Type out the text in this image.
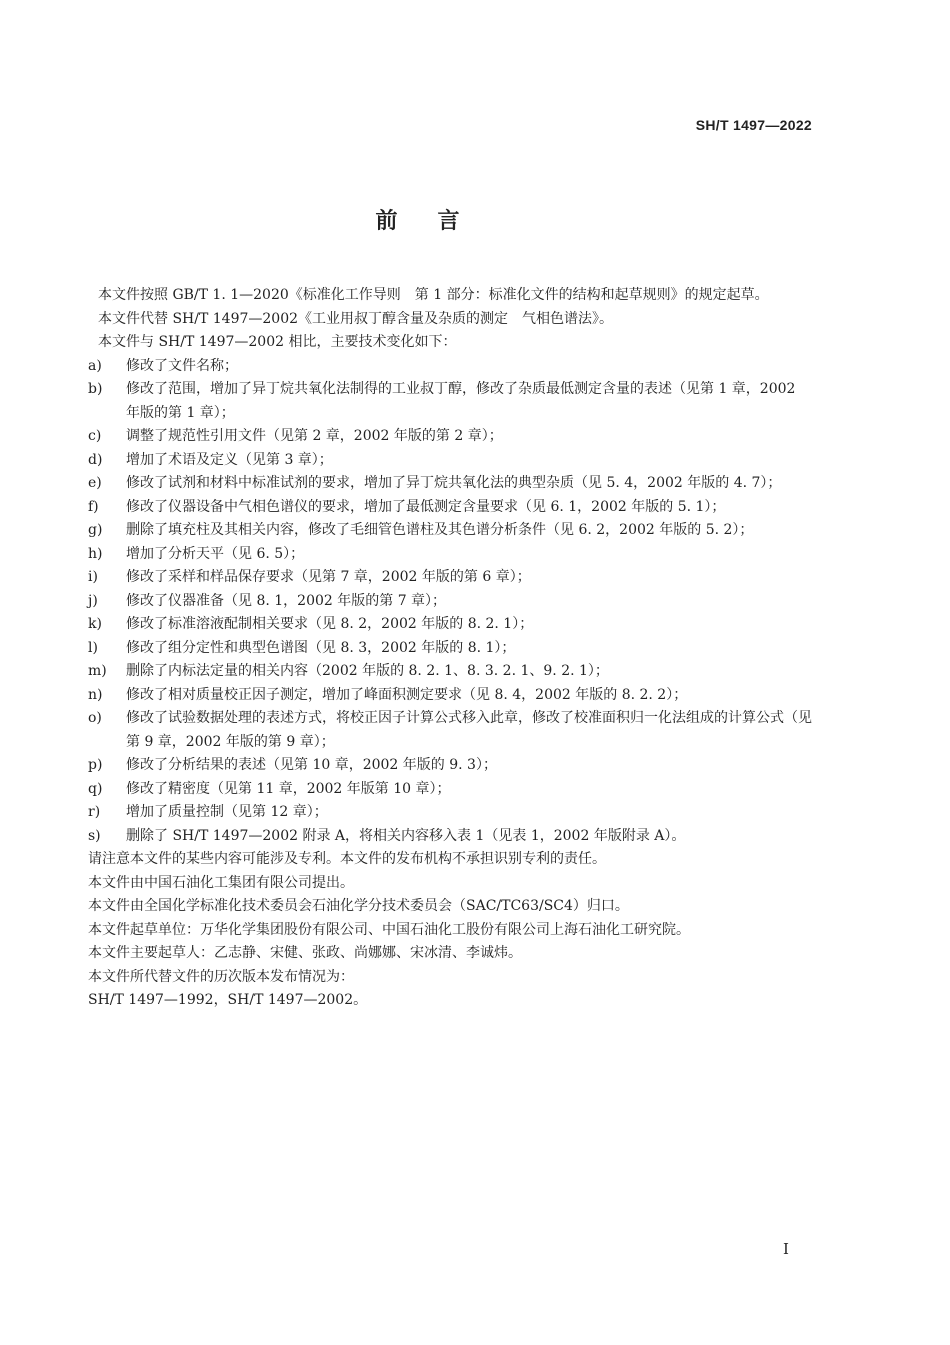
SH/T 1497—2022
前言

本文件按照 GB/T 1. 1—2020《标准化工作导则　第 1 部分：标准化文件的结构和起草规则》的规定起草。

本文件代替 SH/T 1497—2002《工业用叔丁醇含量及杂质的测定　气相色谱法》。

本文件与 SH/T 1497—2002 相比，主要技术变化如下：

a)	修改了文件名称；
b)	修改了范围，增加了异丁烷共氧化法制得的工业叔丁醇，修改了杂质最低测定含量的表述（见第 1 章，2002 年版的第 1 章）；
c)	调整了规范性引用文件（见第 2 章，2002 年版的第 2 章）；
d)	增加了术语及定义（见第 3 章）；
e)	修改了试剂和材料中标准试剂的要求，增加了异丁烷共氧化法的典型杂质（见 5. 4，2002 年版的 4. 7）；
f)	修改了仪器设备中气相色谱仪的要求，增加了最低测定含量要求（见 6. 1，2002 年版的 5. 1）；
g)	删除了填充柱及其相关内容，修改了毛细管色谱柱及其色谱分析条件（见 6. 2，2002 年版的 5. 2）；
h)	增加了分析天平（见 6. 5）；
i)	修改了采样和样品保存要求（见第 7 章，2002 年版的第 6 章）；
j)	修改了仪器准备（见 8. 1，2002 年版的第 7 章）；
k)	修改了标准溶液配制相关要求（见 8. 2，2002 年版的 8. 2. 1）；
l)	修改了组分定性和典型色谱图（见 8. 3，2002 年版的 8. 1）；
m)	删除了内标法定量的相关内容（2002 年版的 8. 2. 1、8. 3. 2. 1、9. 2. 1）；
n)	修改了相对质量校正因子测定，增加了峰面积测定要求（见 8. 4，2002 年版的 8. 2. 2）；
o)	修改了试验数据处理的表述方式，将校正因子计算公式移入此章，修改了校准面积归一化法组成的计算公式（见第 9 章，2002 年版的第 9 章）；
p)	修改了分析结果的表述（见第 10 章，2002 年版的 9. 3）；
q)	修改了精密度（见第 11 章，2002 年版第 10 章）；
r)	增加了质量控制（见第 12 章）；
s)	删除了 SH/T 1497—2002 附录 A，将相关内容移入表 1（见表 1，2002 年版附录 A）。

请注意本文件的某些内容可能涉及专利。本文件的发布机构不承担识别专利的责任。

本文件由中国石油化工集团有限公司提出。

本文件由全国化学标准化技术委员会石油化学分技术委员会（SAC/TC63/SC4）归口。

本文件起草单位：万华化学集团股份有限公司、中国石油化工股份有限公司上海石油化工研究院。

本文件主要起草人：乙志静、宋健、张政、尚娜娜、宋冰清、李诚炜。

本文件所代替文件的历次版本发布情况为：

SH/T 1497—1992，SH/T 1497—2002。

I
